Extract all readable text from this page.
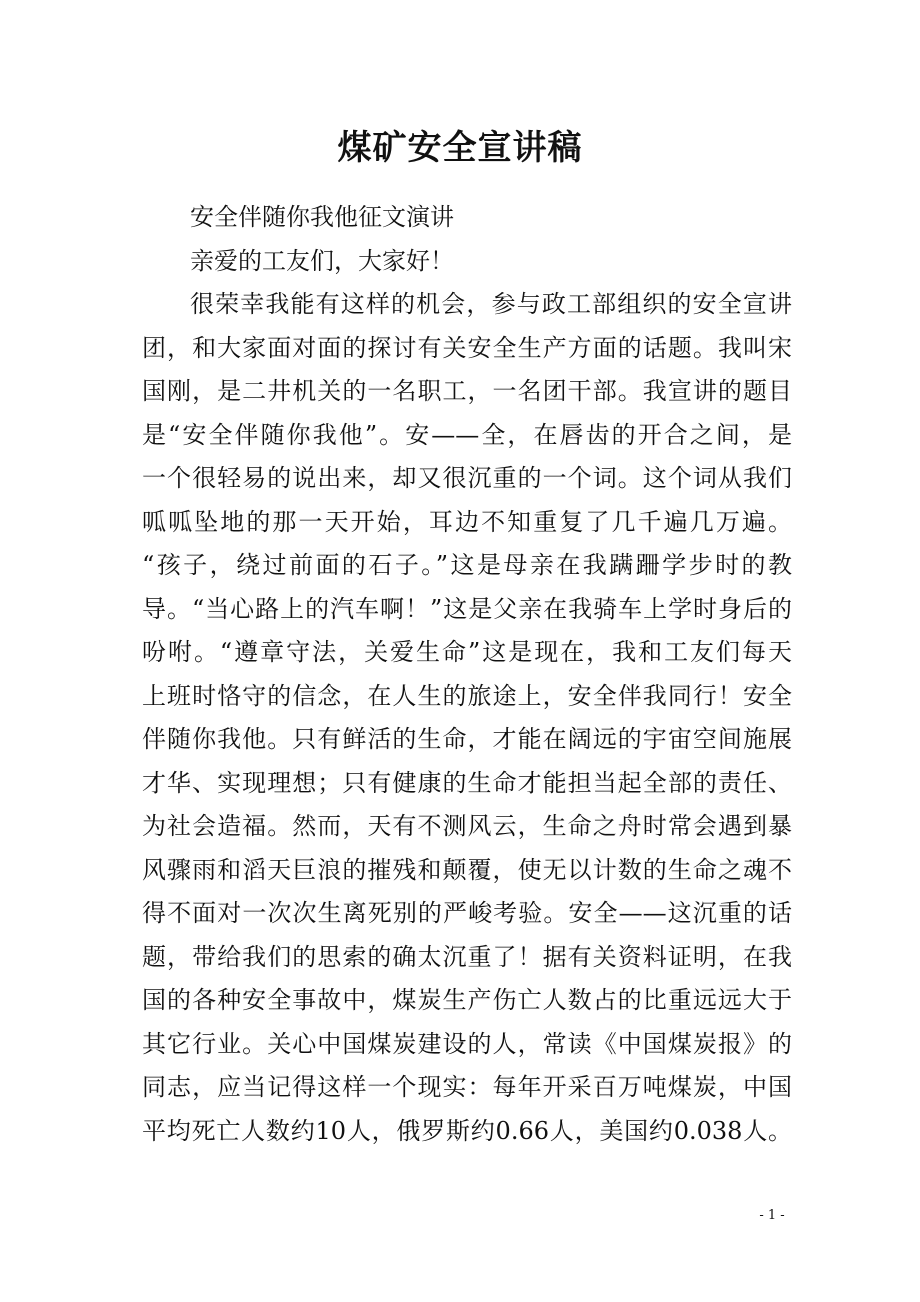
煤矿安全宣讲稿
安全伴随你我他征文演讲
亲爱的工友们，大家好！
很荣幸我能有这样的机会，参与政工部组织的安全宣讲
团，和大家面对面的探讨有关安全生产方面的话题。我叫宋
国刚，是二井机关的一名职工，一名团干部。我宣讲的题目
是“安全伴随你我他”。安——全，在唇齿的开合之间，是
一个很轻易的说出来，却又很沉重的一个词。这个词从我们
呱呱坠地的那一天开始，耳边不知重复了几千遍几万遍。
“孩子，绕过前面的石子。”这是母亲在我蹒跚学步时的教
导。“当心路上的汽车啊！”这是父亲在我骑车上学时身后的
吩咐。“遵章守法，关爱生命”这是现在，我和工友们每天
上班时恪守的信念，在人生的旅途上，安全伴我同行！安全
伴随你我他。只有鲜活的生命，才能在阔远的宇宙空间施展
才华、实现理想；只有健康的生命才能担当起全部的责任、
为社会造福。然而，天有不测风云，生命之舟时常会遇到暴
风骤雨和滔天巨浪的摧残和颠覆，使无以计数的生命之魂不
得不面对一次次生离死别的严峻考验。安全——这沉重的话
题，带给我们的思索的确太沉重了！据有关资料证明，在我
国的各种安全事故中，煤炭生产伤亡人数占的比重远远大于
其它行业。关心中国煤炭建设的人，常读《中国煤炭报》的
同志，应当记得这样一个现实：每年开采百万吨煤炭，中国
平均死亡人数约10人，俄罗斯约0.66人，美国约0.038人。
- 1 -
